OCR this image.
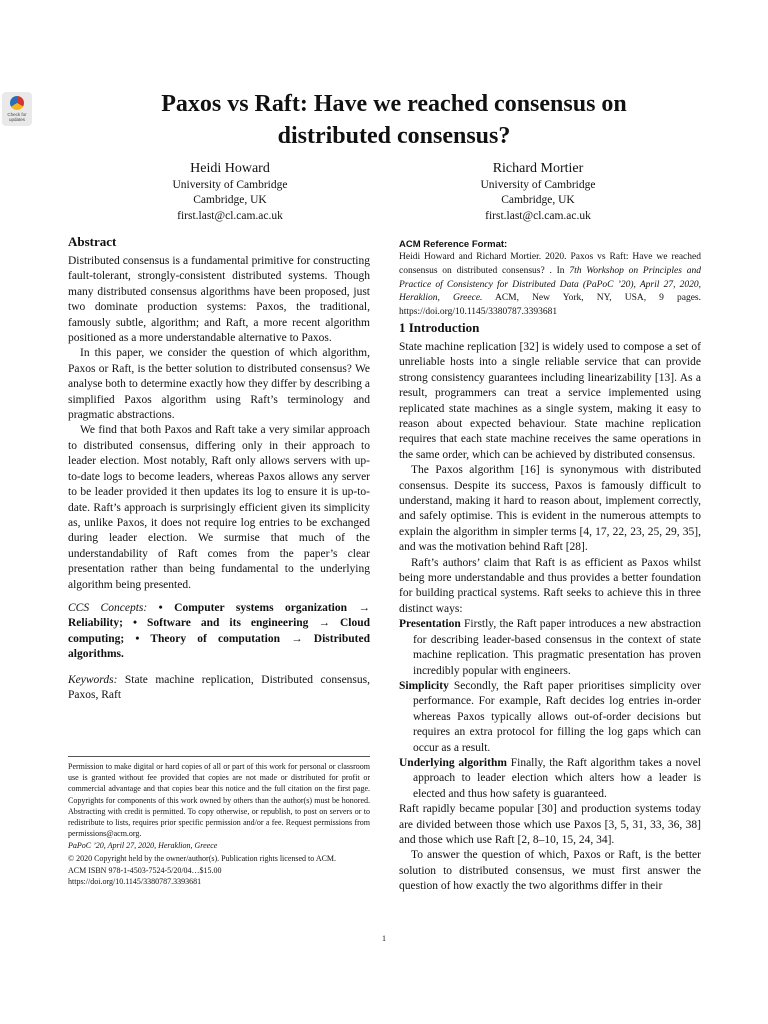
Check for updates
Paxos vs Raft: Have we reached consensus on
distributed consensus?
Heidi Howard
University of Cambridge
Cambridge, UK
first.last@cl.cam.ac.uk
Richard Mortier
University of Cambridge
Cambridge, UK
first.last@cl.cam.ac.uk
Abstract

Distributed consensus is a fundamental primitive for constructing fault-tolerant, strongly-consistent distributed systems. Though many distributed consensus algorithms have been proposed, just two dominate production systems: Paxos, the traditional, famously subtle, algorithm; and Raft, a more recent algorithm positioned as a more understandable alternative to Paxos.

In this paper, we consider the question of which algorithm, Paxos or Raft, is the better solution to distributed consensus? We analyse both to determine exactly how they differ by describing a simplified Paxos algorithm using Raft’s terminology and pragmatic abstractions.

We find that both Paxos and Raft take a very similar approach to distributed consensus, differing only in their approach to leader election. Most notably, Raft only allows servers with up-to-date logs to become leaders, whereas Paxos allows any server to be leader provided it then updates its log to ensure it is up-to-date. Raft’s approach is surprisingly efficient given its simplicity as, unlike Paxos, it does not require log entries to be exchanged during leader election. We surmise that much of the understandability of Raft comes from the paper’s clear presentation rather than being fundamental to the underlying algorithm being presented.

CCS Concepts: • Computer systems organization → Reliability; • Software and its engineering → Cloud computing; • Theory of computation → Distributed algorithms.

Keywords: State machine replication, Distributed consensus, Paxos, Raft

Permission to make digital or hard copies of all or part of this work for personal or classroom use is granted without fee provided that copies are not made or distributed for profit or commercial advantage and that copies bear this notice and the full citation on the first page. Copyrights for components of this work owned by others than the author(s) must be honored. Abstracting with credit is permitted. To copy otherwise, or republish, to post on servers or to redistribute to lists, requires prior specific permission and/or a fee. Request permissions from permissions@acm.org.

PaPoC ’20, April 27, 2020, Heraklion, Greece

© 2020 Copyright held by the owner/author(s). Publication rights licensed to ACM.

ACM ISBN 978-1-4503-7524-5/20/04…$15.00

https://doi.org/10.1145/3380787.3393681

ACM Reference Format:

Heidi Howard and Richard Mortier. 2020. Paxos vs Raft: Have we reached consensus on distributed consensus? . In 7th Workshop on Principles and Practice of Consistency for Distributed Data (PaPoC ’20), April 27, 2020, Heraklion, Greece. ACM, New York, NY, USA, 9 pages. https://doi.org/10.1145/3380787.3393681

1 Introduction

State machine replication [32] is widely used to compose a set of unreliable hosts into a single reliable service that can provide strong consistency guarantees including linearizability [13]. As a result, programmers can treat a service implemented using replicated state machines as a single system, making it easy to reason about expected behaviour. State machine replication requires that each state machine receives the same operations in the same order, which can be achieved by distributed consensus.

The Paxos algorithm [16] is synonymous with distributed consensus. Despite its success, Paxos is famously difficult to understand, making it hard to reason about, implement correctly, and safely optimise. This is evident in the numerous attempts to explain the algorithm in simpler terms [4, 17, 22, 23, 25, 29, 35], and was the motivation behind Raft [28].

Raft’s authors’ claim that Raft is as efficient as Paxos whilst being more understandable and thus provides a better foundation for building practical systems. Raft seeks to achieve this in three distinct ways:

Presentation Firstly, the Raft paper introduces a new abstraction for describing leader-based consensus in the context of state machine replication. This pragmatic presentation has proven incredibly popular with engineers.

Simplicity Secondly, the Raft paper prioritises simplicity over performance. For example, Raft decides log entries in-order whereas Paxos typically allows out-of-order decisions but requires an extra protocol for filling the log gaps which can occur as a result.

Underlying algorithm Finally, the Raft algorithm takes a novel approach to leader election which alters how a leader is elected and thus how safety is guaranteed.

Raft rapidly became popular [30] and production systems today are divided between those which use Paxos [3, 5, 31, 33, 36, 38] and those which use Raft [2, 8–10, 15, 24, 34].

To answer the question of which, Paxos or Raft, is the better solution to distributed consensus, we must first answer the question of how exactly the two algorithms differ in their

1
